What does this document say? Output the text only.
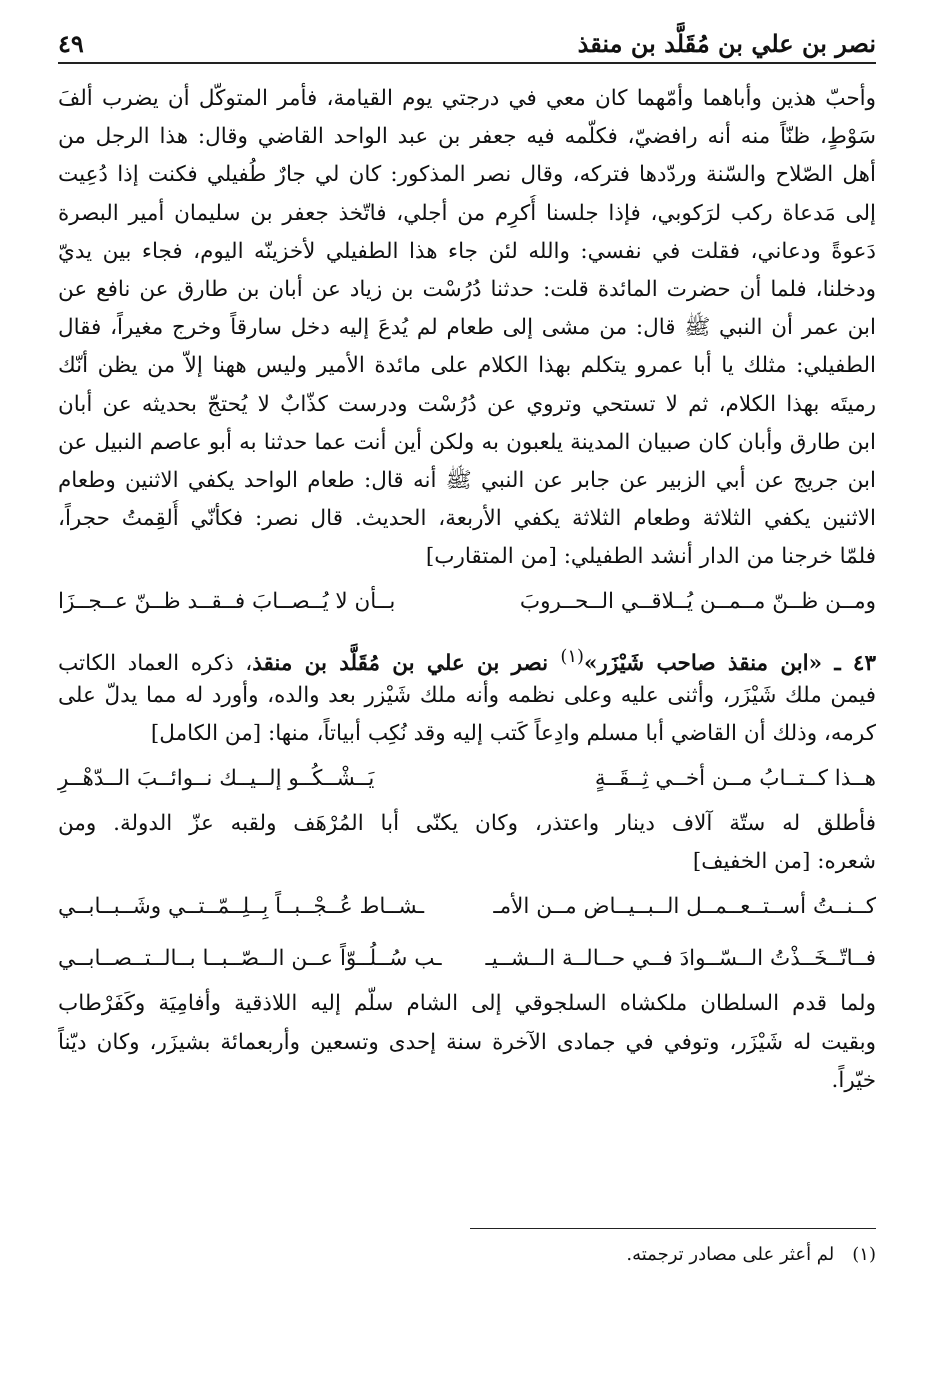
نصر بن علي بن مُقَلَّد بن منقذ
٤٩
وأحبّ هذين وأباهما وأمّهما كان معي في درجتي يوم القيامة، فأمر المتوكّل أن يضرب ألفَ
سَوْطٍ، ظنّاً منه أنه رافضيّ، فكلّمه فيه جعفر بن عبد الواحد القاضي وقال: هذا الرجل من
أهل الصّلاح والسّنة وردّدها فتركه، وقال نصر المذكور: كان لي جارٌ طُفيلي فكنت إذا دُعِيت
إلى مَدعاة ركب لرَكوبي، فإذا جلسنا أُكرِم من أجلي، فاتّخذ جعفر بن سليمان أمير البصرة
دَعوةً ودعاني، فقلت في نفسي: والله لئن جاء هذا الطفيلي لأخزينّه اليوم، فجاء بين يديّ
ودخلنا، فلما أن حضرت المائدة قلت: حدثنا دُرُسْت بن زياد عن أبان بن طارق عن نافع عن
ابن عمر أن النبي ﷺ قال: من مشى إلى طعام لم يُدعَ إليه دخل سارقاً وخرج مغيراً، فقال
الطفيلي: مثلك يا أبا عمرو يتكلم بهذا الكلام على مائدة الأمير وليس ههنا إلاّ من يظن أنّك
رميتَه بهذا الكلام، ثم لا تستحي وتروي عن دُرُسْت ودرست كذّابٌ لا يُحتجّ بحديثه عن أبان
ابن طارق وأبان كان صبيان المدينة يلعبون به ولكن أين أنت عما حدثنا به أبو عاصم النبيل عن
ابن جريج عن أبي الزبير عن جابر عن النبي ﷺ أنه قال: طعام الواحد يكفي الاثنين وطعام
الاثنين يكفي الثلاثة وطعام الثلاثة يكفي الأربعة، الحديث. قال نصر: فكأنّي أُلقِمتُ حجراً،
فلمّا خرجنا من الدار أنشد الطفيلي: [من المتقارب]
ومــن ظــنّ مــمــن يُــلاقــي الــحــروبَ
بــأن لا يُــصــابَ فــقــد ظــنّ عــجــزَا
٤٣ ـ «ابن منقذ صاحب شَيْزَر»$^{(١)}$ نصر بن علي بن مُقَلَّد بن منقذ، ذكره العماد الكاتب
فيمن ملك شَيْزَر، وأثنى عليه وعلى نظمه وأنه ملك شَيْزر بعد والده، وأورد له مما يدلّ على
كرمه، وذلك أن القاضي أبا مسلم وادِعاً كَتب إليه وقد نُكِب أبياتاً، منها: [من الكامل]
هــذا كــتــابُ مــن أخــي ثِــقَــةٍ
يَــشْــكُــو إلــيــك نــوائــبَ الــدّهْــرِ
فأطلق له ستّة آلاف دينار واعتذر، وكان يكنّى أبا المُرْهَف ولقبه عزّ الدولة. ومن
شعره: [من الخفيف]
كــنــتُ أســتــعــمــل الــبــيــاض مــن الأمـ
ـشــاط عُــجْــبــاً بِــلِــمّــتــي وشَــبــابــي
فــاتّــخَــذْتُ الــسّــوادَ فــي حــالــة الــشــيـ
ـب سُــلُــوّاً عــن الــصّــبــا بــالــتــصــابــي
ولما قدم السلطان ملكشاه السلجوقي إلى الشام سلّم إليه اللاذقية وأفامِيَة وكَفَرْطاب
وبقيت له شَيْزَر، وتوفي في جمادى الآخرة سنة إحدى وتسعين وأربعمائة بشيزَر، وكان ديّناً
خيّراً.
(١)
لم أعثر على مصادر ترجمته.
